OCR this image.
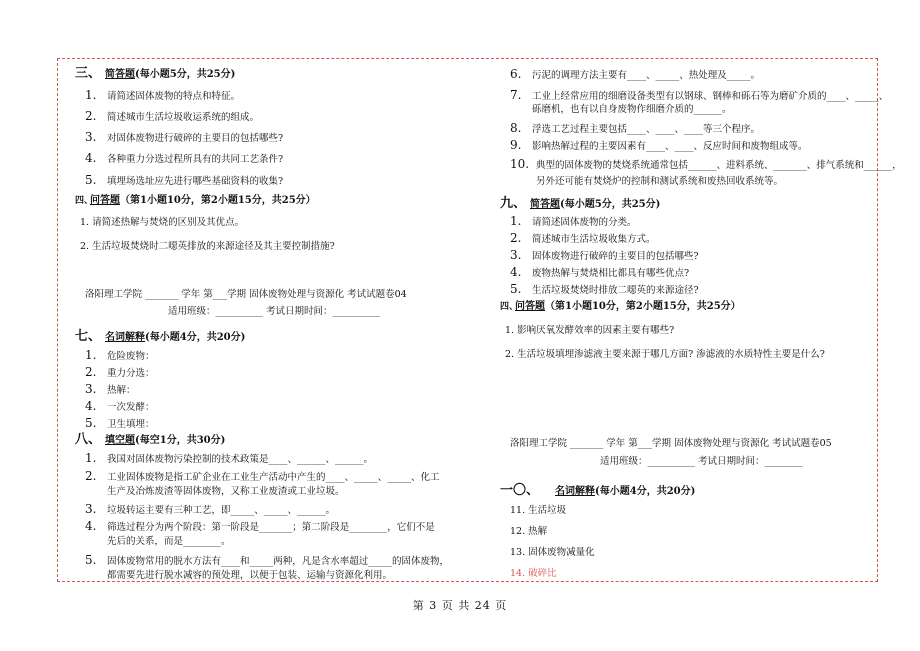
三、 简答题(每小题5分，共25分)
1. 请简述固体废物的特点和特征。
2. 简述城市生活垃圾收运系统的组成。
3. 对固体废物进行破碎的主要目的包括哪些?
4. 各种重力分选过程所具有的共同工艺条件?
5. 填埋场选址应先进行哪些基础资料的收集?
四、问答题（第1小题10分，第2小题15分，共25分）
1. 请简述热解与焚烧的区别及其优点。
2. 生活垃圾焚烧时二噁英排放的来源途径及其主要控制措施?
洛阳理工学院 _______ 学年 第___学期 固体废物处理与资源化 考试试题卷04
适用班级：__________ 考试日期时间：__________
七、 名词解释(每小题4分，共20分)
1. 危险废物：
2. 重力分选：
3. 热解：
4. 一次发酵：
5. 卫生填埋：
八、 填空题(每空1分，共30分)
1. 我国对固体废物污染控制的技术政策是____、______、______。
2. 工业固体废物是指工矿企业在工业生产活动中产生的____、_____、_____、化工
生产及冶炼废渣等固体废物，又称工业废渣或工业垃圾。
3. 垃圾转运主要有三种工艺，即_____、_____、______。
4. 筛选过程分为两个阶段：第一阶段是_______；第二阶段是________，它们不是
先后的关系，而是________。
5. 固体废物常用的脱水方法有____和_____两种，凡是含水率超过_____的固体废物，
都需要先进行脱水减容的预处理，以便于包装、运输与资源化利用。
6. 污泥的调理方法主要有____、_____、热处理及_____。
7. 工业上经常应用的细磨设备类型有以钢球、钢棒和砾石等为磨矿介质的____、_____、
砾磨机，也有以自身废物作细磨介质的______。
8. 浮选工艺过程主要包括____、____、____等三个程序。
9. 影响热解过程的主要因素有____、____、反应时间和废物组成等。
10. 典型的固体废物的焚烧系统通常包括______、进料系统、_______、排气系统和______，
另外还可能有焚烧炉的控制和测试系统和废热回收系统等。
九、 简答题(每小题5分，共25分)
1. 请简述固体废物的分类。
2. 简述城市生活垃圾收集方式。
3. 固体废物进行破碎的主要目的包括哪些?
4. 废物热解与焚烧相比都具有哪些优点?
5. 生活垃圾焚烧时排放二噁英的来源途径?
四、问答题（第1小题10分，第2小题15分，共25分）
1. 影响厌氧发酵效率的因素主要有哪些?
2. 生活垃圾填埋渗滤液主要来源于哪几方面? 渗滤液的水质特性主要是什么?
洛阳理工学院 _______ 学年 第___学期 固体废物处理与资源化 考试试题卷05
适用班级：__________ 考试日期时间：________
一〇、 名词解释(每小题4分，共20分)
11. 生活垃圾
12. 热解
13. 固体废物减量化
14. 破碎比
第 3 页 共 24 页
